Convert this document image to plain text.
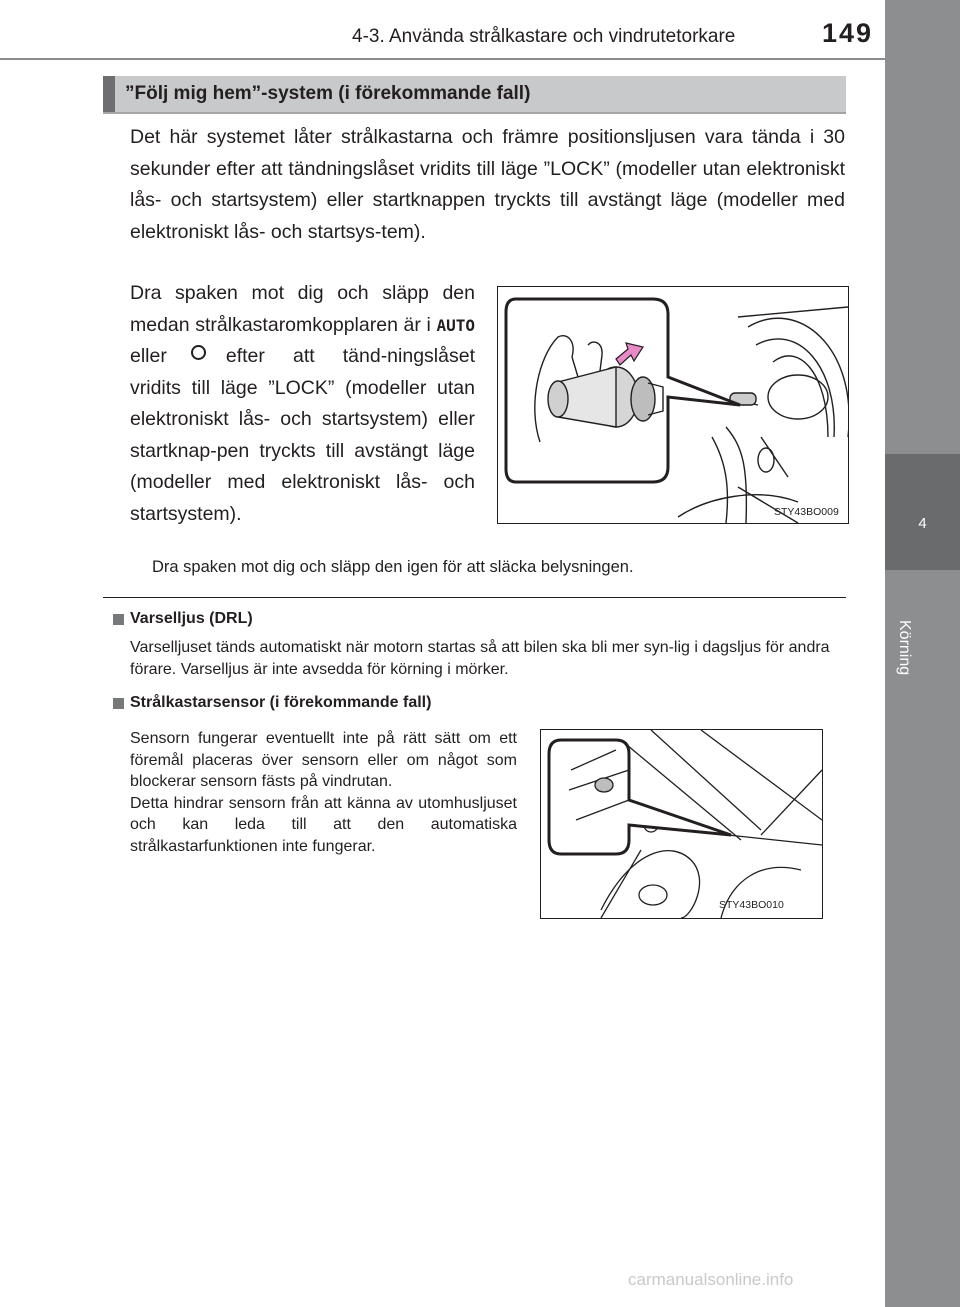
4-3. Använda strålkastare och vindrutetorkare	149
4
Körning
”Följ mig hem”-system (i förekommande fall)
Det här systemet låter strålkastarna och främre positionsljusen vara tända i 30 sekunder efter att tändningslåset vridits till läge ”LOCK” (modeller utan elektroniskt lås- och startsystem) eller startknappen tryckts till avstängt läge (modeller med elektroniskt lås- och startsys-tem).
Dra spaken mot dig och släpp den medan strålkastaromkopplaren är i AUTO eller	efter att tänd-ningslåset vridits till läge ”LOCK” (modeller utan elektroniskt lås- och startsystem) eller startknap-pen tryckts till avstängt läge (modeller med elektroniskt lås- och startsystem).	STY43BO009
Dra spaken mot dig och släpp den igen för att släcka belysningen.
Varselljus (DRL)
Varselljuset tänds automatiskt när motorn startas så att bilen ska bli mer syn-lig i dagsljus för andra förare. Varselljus är inte avsedda för körning i mörker.
Strålkastarsensor (i förekommande fall)
Sensorn fungerar eventuellt inte på rätt sätt om ett föremål placeras över sensorn eller om något som blockerar sensorn fästs på vindrutan.
Detta hindrar sensorn från att känna av utomhusljuset och kan leda till att den automatiska strålkastarfunktionen inte fungerar.
STY43BO010
carmanualsonline.info
